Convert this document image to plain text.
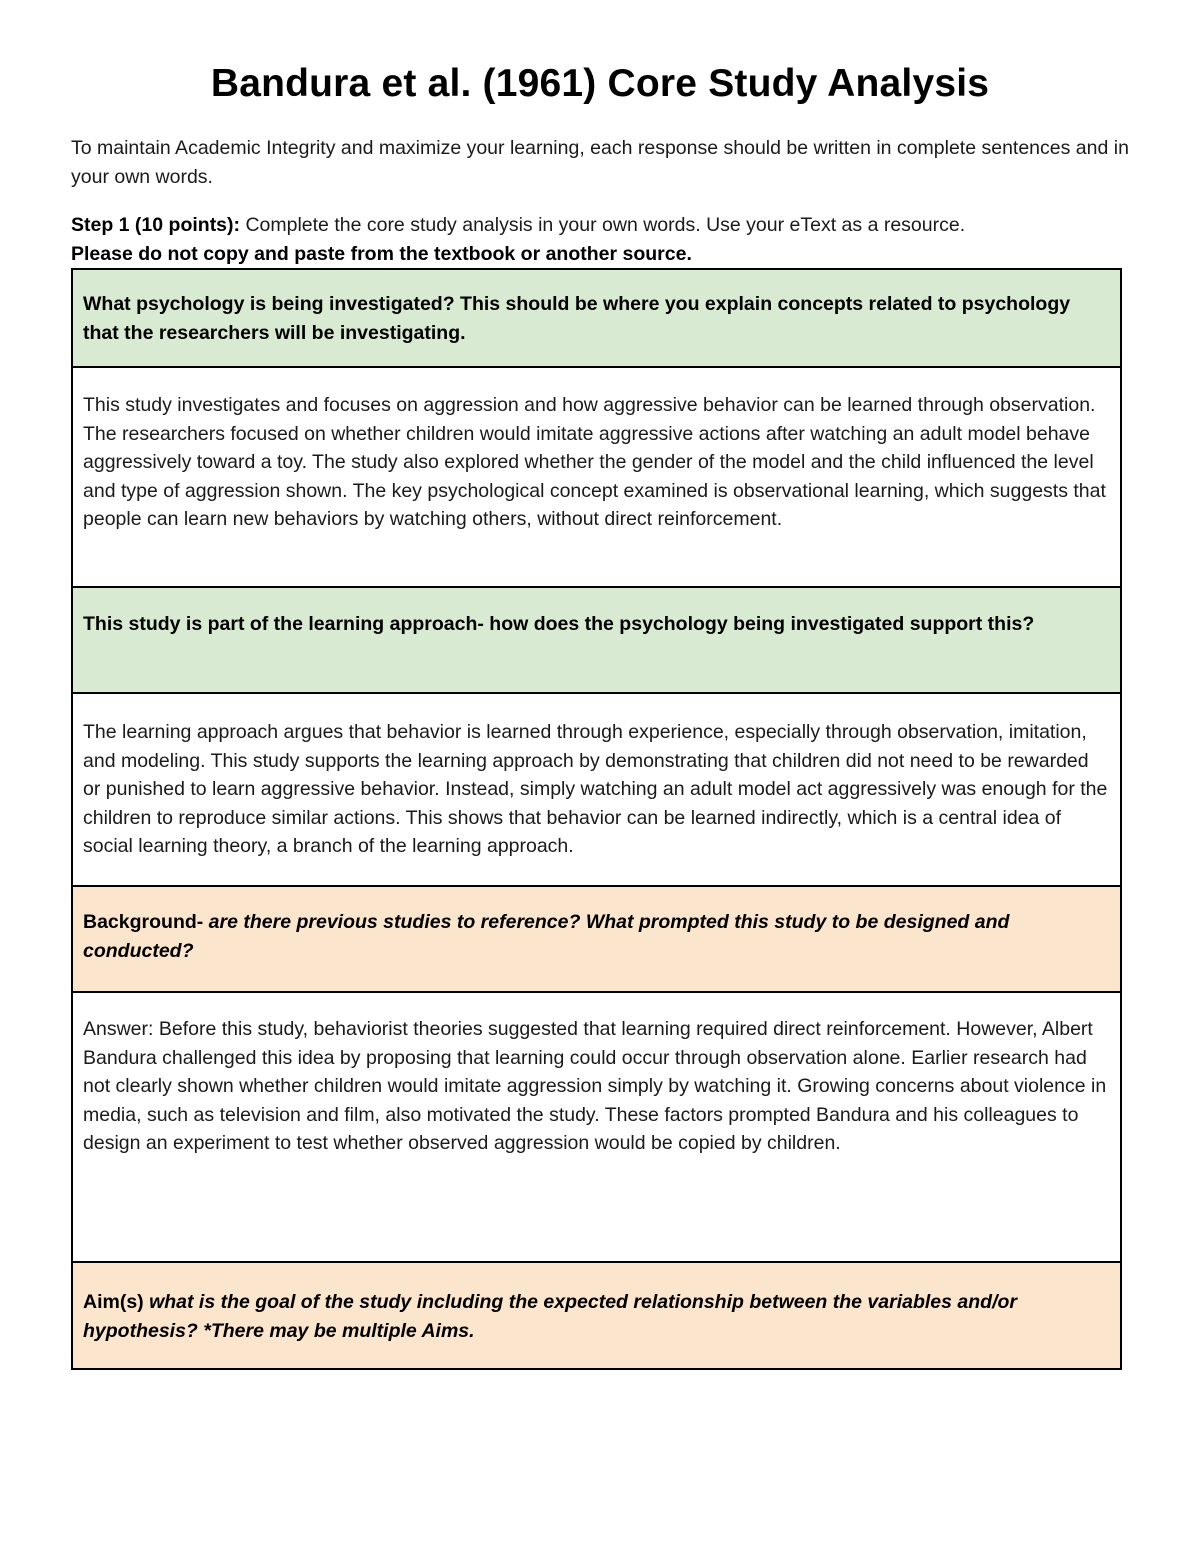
Bandura et al. (1961) Core Study Analysis

To maintain Academic Integrity and maximize your learning, each response should be written in complete sentences and in your own words.

Step 1 (10 points): Complete the core study analysis in your own words. Use your eText as a resource.
Please do not copy and paste from the textbook or another source.

What psychology is being investigated? This should be where you explain concepts related to psychology that the researchers will be investigating.
This study investigates and focuses on aggression and how aggressive behavior can be learned through observation. The researchers focused on whether children would imitate aggressive actions after watching an adult model behave aggressively toward a toy. The study also explored whether the gender of the model and the child influenced the level and type of aggression shown. The key psychological concept examined is observational learning, which suggests that people can learn new behaviors by watching others, without direct reinforcement.
This study is part of the learning approach- how does the psychology being investigated support this?
The learning approach argues that behavior is learned through experience, especially through observation, imitation, and modeling. This study supports the learning approach by demonstrating that children did not need to be rewarded or punished to learn aggressive behavior. Instead, simply watching an adult model act aggressively was enough for the children to reproduce similar actions. This shows that behavior can be learned indirectly, which is a central idea of social learning theory, a branch of the learning approach.
Background- are there previous studies to reference? What prompted this study to be designed and conducted?
Answer: Before this study, behaviorist theories suggested that learning required direct reinforcement. However, Albert Bandura challenged this idea by proposing that learning could occur through observation alone. Earlier research had not clearly shown whether children would imitate aggression simply by watching it. Growing concerns about violence in media, such as television and film, also motivated the study. These factors prompted Bandura and his colleagues to design an experiment to test whether observed aggression would be copied by children.
Aim(s) what is the goal of the study including the expected relationship between the variables and/or hypothesis? *There may be multiple Aims.
